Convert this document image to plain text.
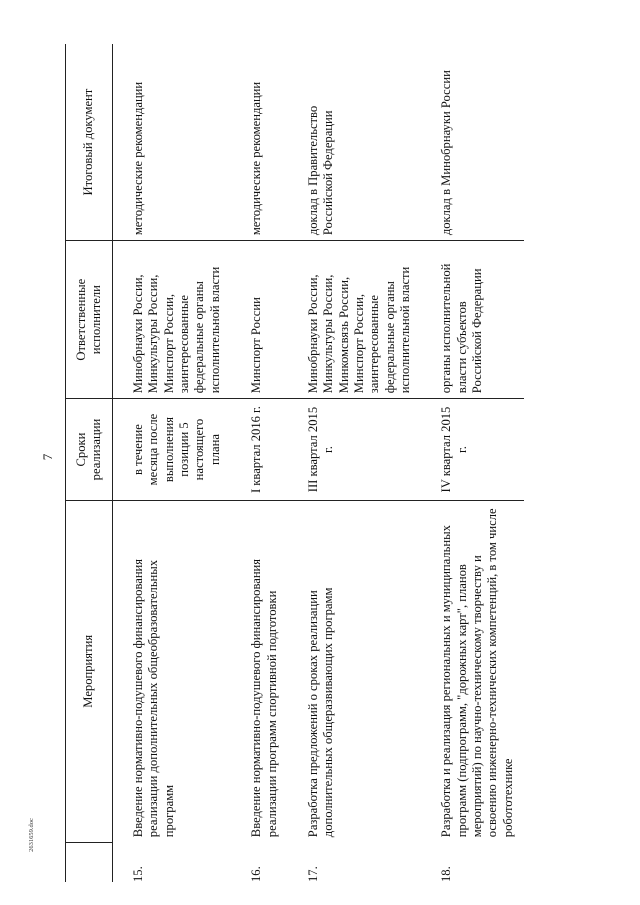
7
	Мероприятия	Сроки реализации	Ответственные исполнители	Итоговый документ
15.	Введение нормативно-подушевого финансирования реализации дополнительных общеобразовательных программ	в течение месяца после выполнения позиции 5 настоящего плана	Минобрнауки России, Минкультуры России, Минспорт России, заинтересованные федеральные органы исполнительной власти	методические рекомендации
16.	Введение нормативно-подушевого финансирования реализации программ спортивной подготовки	I квартал 2016 г.	Минспорт России	методические рекомендации
17.	Разработка предложений о сроках реализации дополнительных общеразвивающих программ	III квартал 2015 г.	Минобрнауки России, Минкультуры России, Минкомсвязь России, Минспорт России, заинтересованные федеральные органы исполнительной власти	доклад в Правительство Российской Федерации
18.	Разработка и реализация региональных и муниципальных программ (подпрограмм, "дорожных карт", планов мероприятий) по научно-техническому творчеству и освоению инженерно-технических компетенций, в том числе робототехнике	IV квартал 2015 г.	органы исполнительной власти субъектов Российской Федерации	доклад в Минобрнауки России
2631659.doc
